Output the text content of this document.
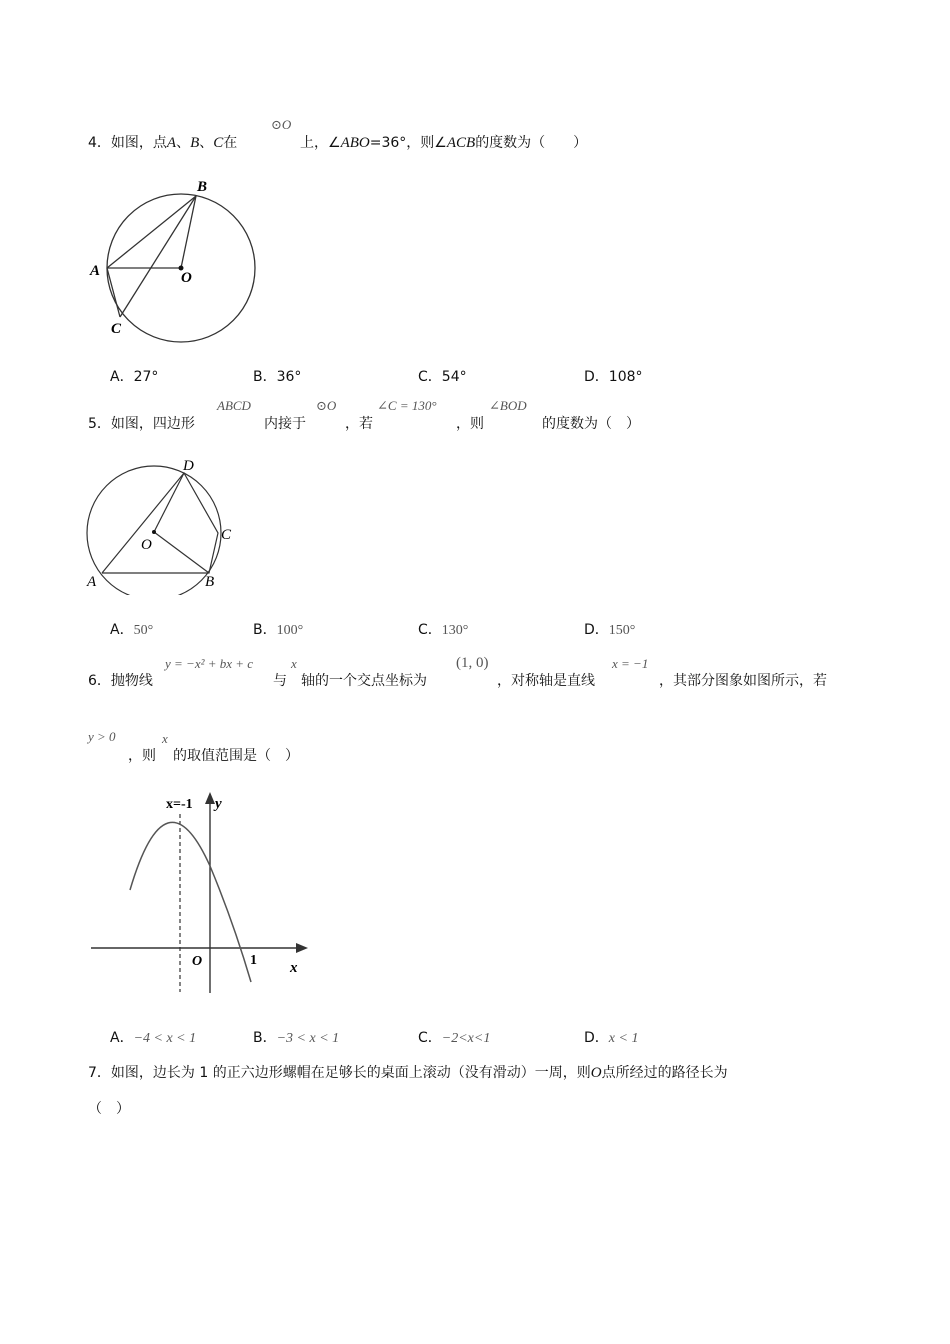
4．如图，点A、B、C在
⊙O
上，∠ABO=36°，则∠ACB的度数为（　　）
B
A	O
C
A．27°	B．36°	C．54°	D．108°
5．如图，四边形
ABCD
内接于
⊙O
，若
∠C = 130°
，则
∠BOD
的度数为（　）
D
C
O
A	B
A．50°	B．100°	C．130°	D．150°
6．抛物线
y = −x² + bx + c
与
x
轴的一个交点坐标为
(1, 0)
，对称轴是直线
x = −1
，其部分图象如图所示，若
y > 0
，则
x
的取值范围是（　）
x=-1 y
O	1 x
A．−4 < x < 1	B．−3 < x < 1	C．−2<x<1	D．x < 1
7．如图，边长为 1 的正六边形螺帽在足够长的桌面上滚动（没有滑动）一周，则O点所经过的路径长为
（　）
